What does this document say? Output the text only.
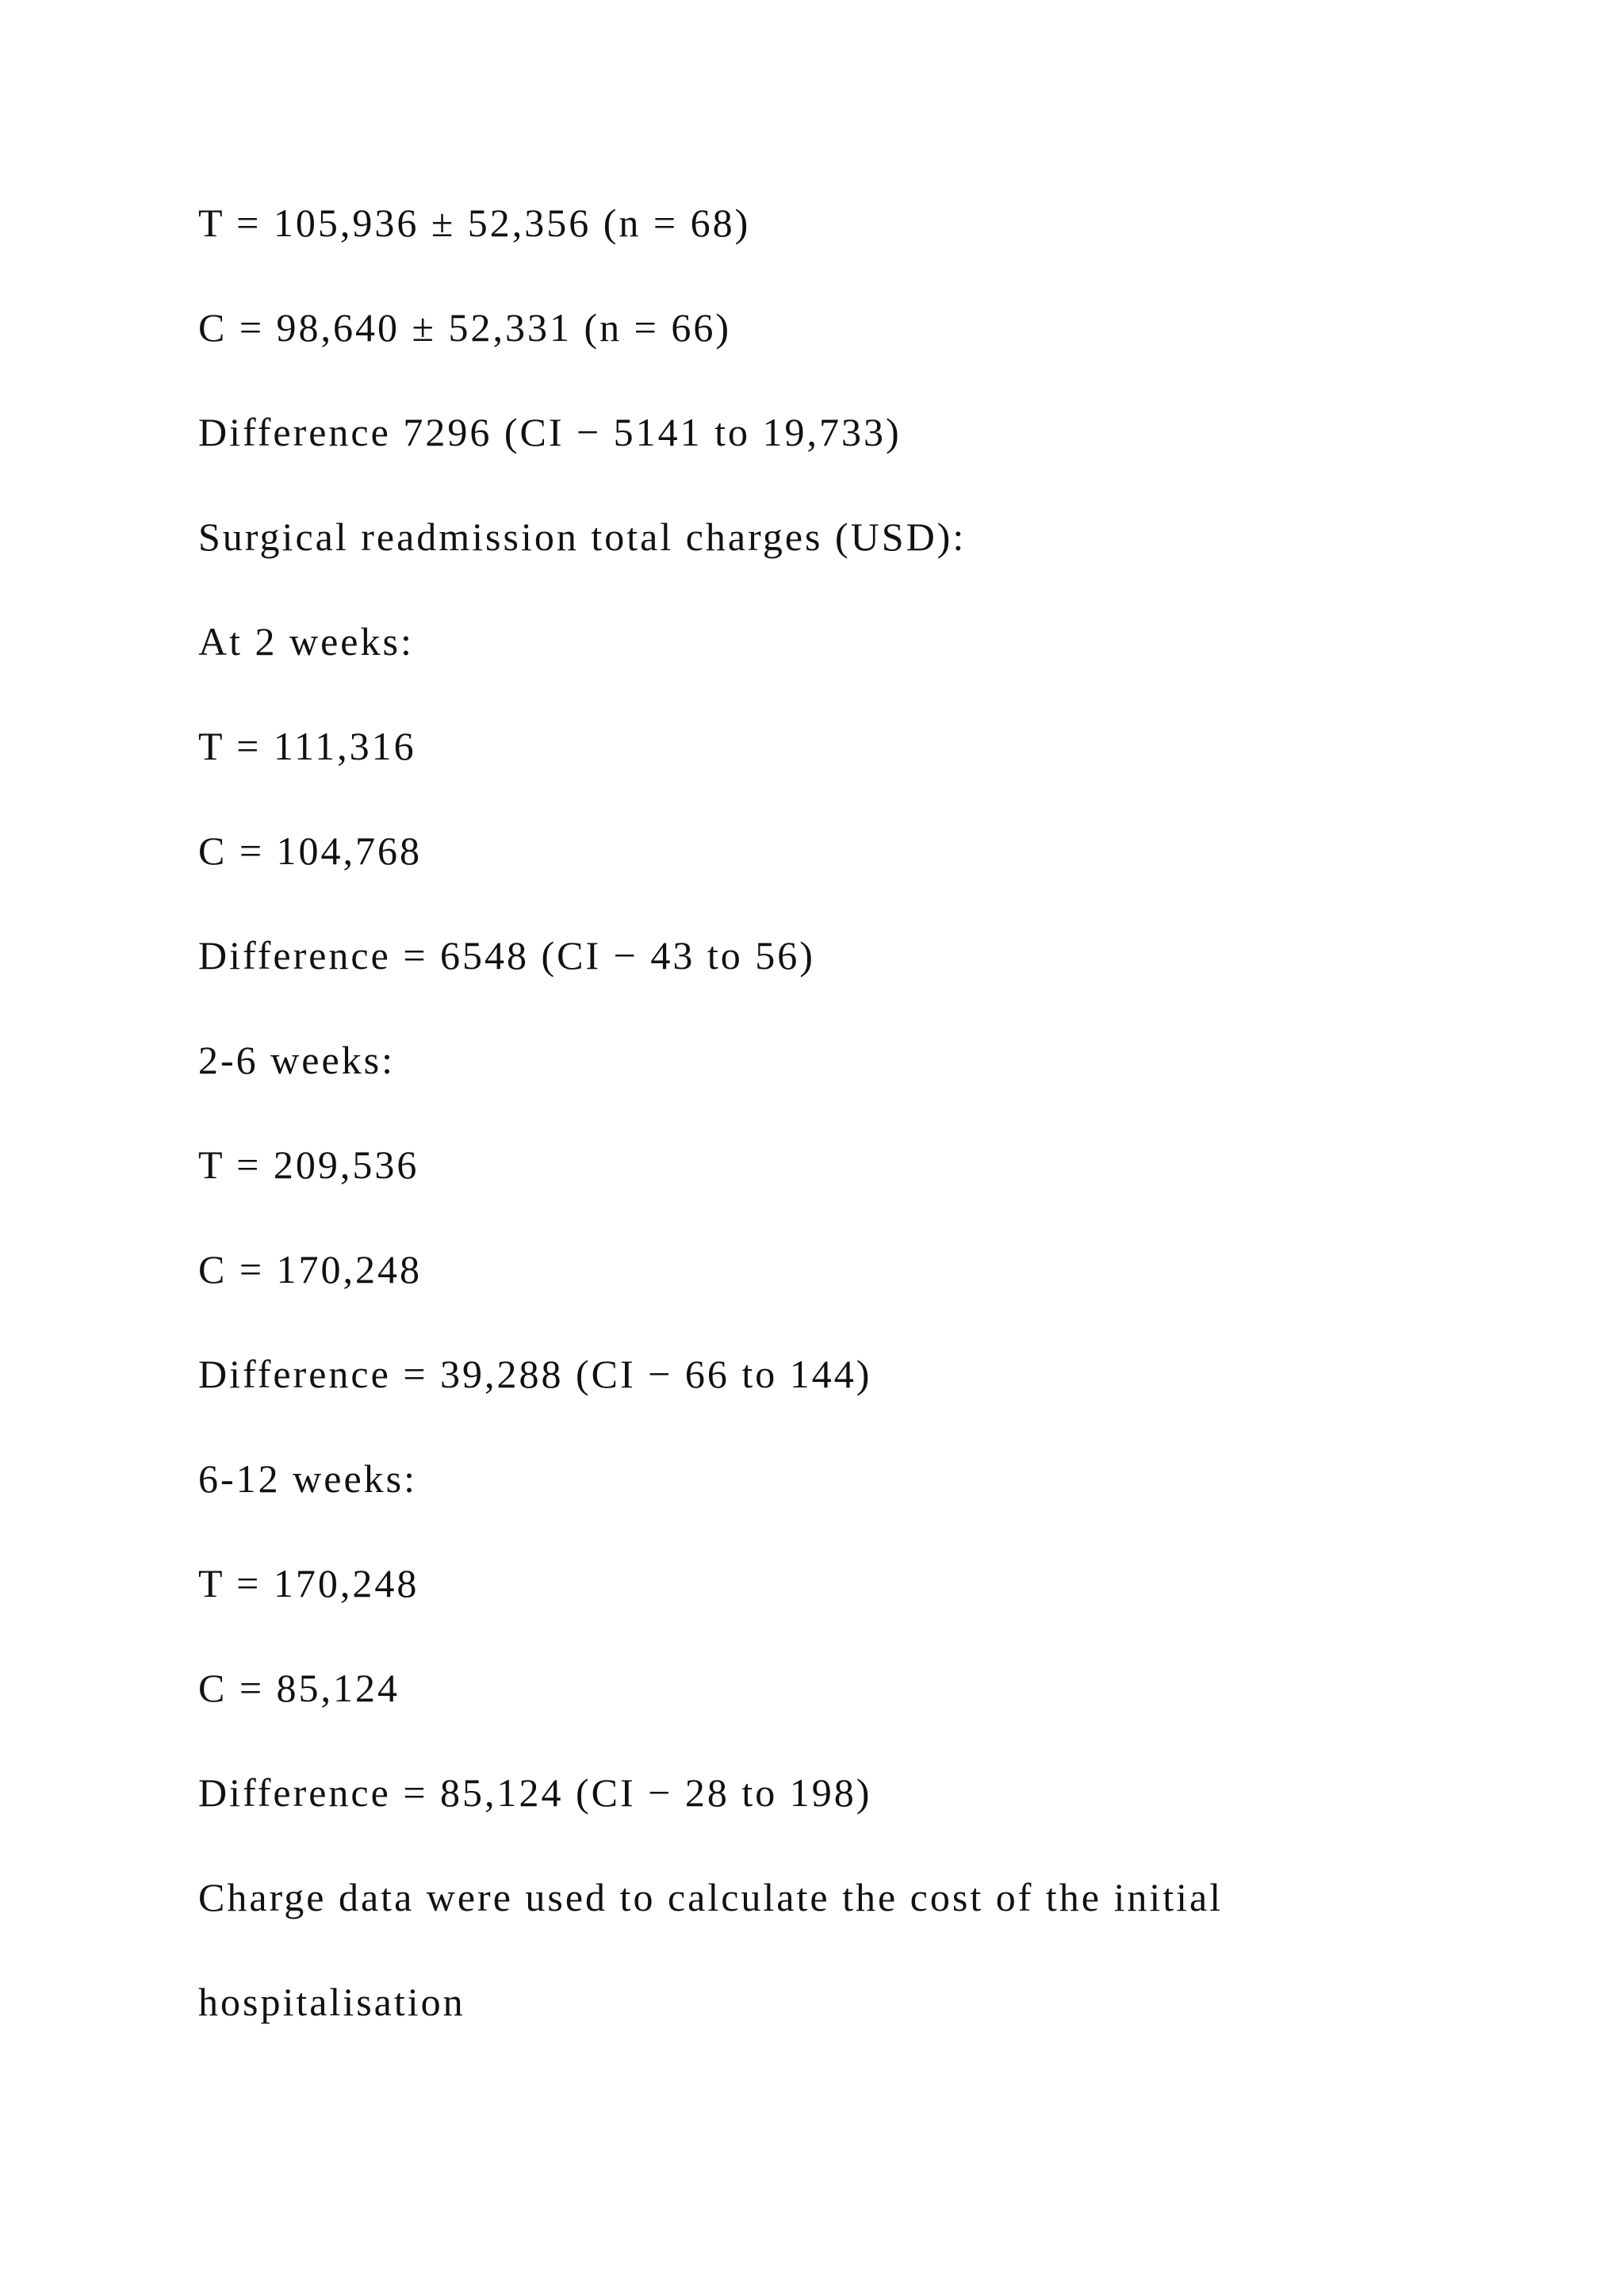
T = 105,936 ± 52,356 (n = 68)

C = 98,640 ± 52,331 (n = 66)

Difference 7296 (CI − 5141 to 19,733)

Surgical readmission total charges (USD):

At 2 weeks:

T = 111,316

C = 104,768

Difference = 6548 (CI − 43 to 56)

2-6 weeks:

T = 209,536

C = 170,248

Difference = 39,288 (CI − 66 to 144)

6-12 weeks:

T = 170,248

C = 85,124

Difference = 85,124 (CI − 28 to 198)

Charge data were used to calculate the cost of the initial

hospitalisation
